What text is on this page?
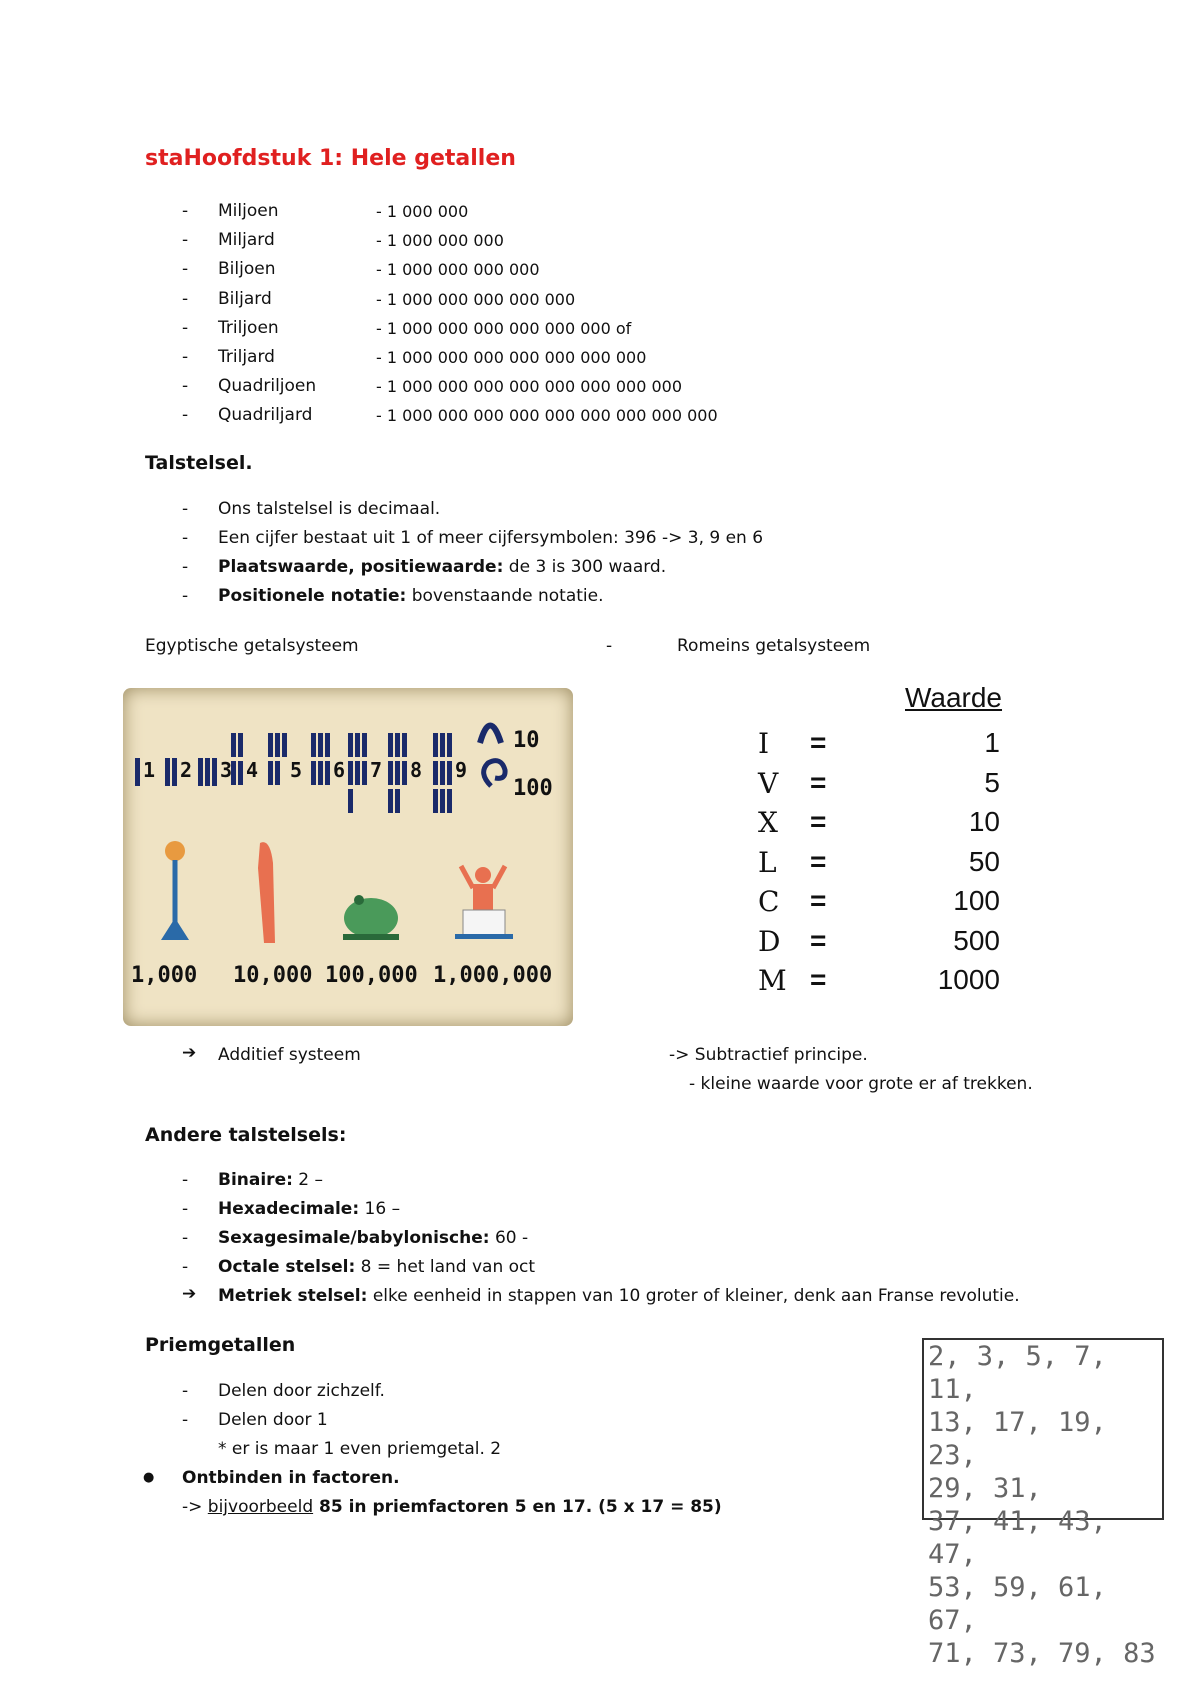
staHoofdstuk 1: Hele getallen
- Miljoen	- 1 000 000
- Miljard	- 1 000 000 000
- Biljoen	- 1 000 000 000 000
- Biljard	- 1 000 000 000 000 000
- Triljoen	- 1 000 000 000 000 000 000 of
- Triljard	- 1 000 000 000 000 000 000 000
- Quadriljoen	- 1 000 000 000 000 000 000 000 000
- Quadriljard	- 1 000 000 000 000 000 000 000 000 000
Talstelsel.
- Ons talstelsel is decimaal.
- Een cijfer bestaat uit 1 of meer cijfersymbolen: 396 -> 3, 9 en 6
- Plaatswaarde, positiewaarde: de 3 is 300 waard.
- Positionele notatie: bovenstaande notatie.
Egyptische getalsysteem	-	Romeins getalsysteem
1 2 3 4 5 6 7 8 9
10
100
1,000 10,000 100,000 1,000,000
Waarde
I =	1
V =	5
X =	10
L =	50
C =	100
D =	500
M =	1000
➔ Additief systeem	-> Subtractief principe.
- kleine waarde voor grote er af trekken.
Andere talstelsels:
- Binaire: 2 –
- Hexadecimale: 16 –
- Sexagesimale/babylonische: 60 -
- Octale stelsel: 8 = het land van oct
➔ Metriek stelsel: elke eenheid in stappen van 10 groter of kleiner, denk aan Franse revolutie.
Priemgetallen
- Delen door zichzelf.
- Delen door 1
* er is maar 1 even priemgetal. 2
● Ontbinden in factoren.
-> bijvoorbeeld 85 in priemfactoren 5 en 17. (5 x 17 = 85)
2, 3, 5, 7, 11,
13, 17, 19, 23,
29, 31,
37, 41, 43, 47,
53, 59, 61, 67,
71, 73, 79, 83
